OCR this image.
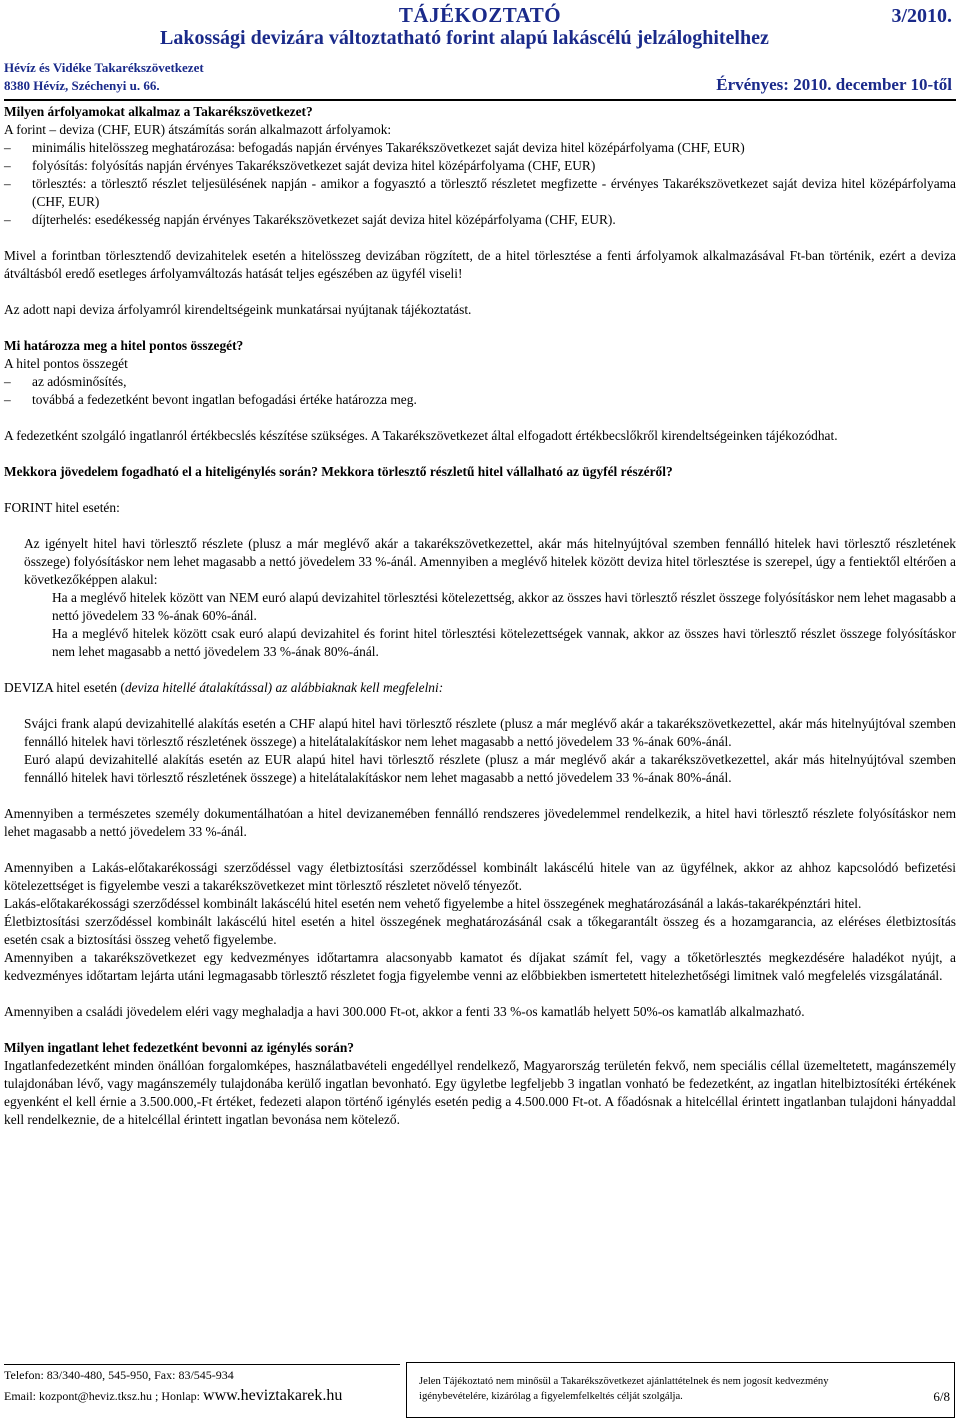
TÁJÉKOZTATÓ	3/2010.
Lakossági devizára változtatható forint alapú lakáscélú jelzáloghitelhez
Hévíz és Vidéke Takarékszövetkezet
8380 Hévíz, Széchenyi u. 66.	Érvényes: 2010. december 10-től

Milyen árfolyamokat alkalmaz a Takarékszövetkezet?

A forint – deviza (CHF, EUR) átszámítás során alkalmazott árfolyamok:

–	minimális hitelösszeg meghatározása: befogadás napján érvényes Takarékszövetkezet saját deviza hitel középárfolyama (CHF, EUR)
–	folyósítás: folyósítás napján érvényes Takarékszövetkezet saját deviza hitel középárfolyama (CHF, EUR)
–	törlesztés: a törlesztő részlet teljesülésének napján - amikor a fogyasztó a törlesztő részletet megfizette - érvényes Takarékszövetkezet saját deviza hitel középárfolyama (CHF, EUR)
–	díjterhelés: esedékesség napján érvényes Takarékszövetkezet saját deviza hitel középárfolyama (CHF, EUR).

Mivel a forintban törlesztendő devizahitelek esetén a hitelösszeg devizában rögzített, de a hitel törlesztése a fenti árfolyamok alkalmazásával Ft-ban történik, ezért a deviza átváltásból eredő esetleges árfolyamváltozás hatását teljes egészében az ügyfél viseli!

Az adott napi deviza árfolyamról kirendeltségeink munkatársai nyújtanak tájékoztatást.

Mi határozza meg a hitel pontos összegét?

A hitel pontos összegét

–	az adósminősítés,
–	továbbá a fedezetként bevont ingatlan befogadási értéke határozza meg.

A fedezetként szolgáló ingatlanról értékbecslés készítése szükséges. A Takarékszövetkezet által elfogadott értékbecslőkről kirendeltségeinken tájékozódhat.

Mekkora jövedelem fogadható el a hiteligénylés során? Mekkora törlesztő részletű hitel vállalható az ügyfél részéről?

FORINT hitel esetén:

Az igényelt hitel havi törlesztő részlete (plusz a már meglévő akár a takarékszövetkezettel, akár más hitelnyújtóval szemben fennálló hitelek havi törlesztő részletének összege) folyósításkor nem lehet magasabb a nettó jövedelem 33 %-ánál. Amennyiben a meglévő hitelek között deviza hitel törlesztése is szerepel, úgy a fentiektől eltérően a következőképpen alakul:

Ha a meglévő hitelek között van NEM euró alapú devizahitel törlesztési kötelezettség, akkor az összes havi törlesztő részlet összege folyósításkor nem lehet magasabb a nettó jövedelem 33 %-ának 60%-ánál.

Ha a meglévő hitelek között csak euró alapú devizahitel és forint hitel törlesztési kötelezettségek vannak, akkor az összes havi törlesztő részlet összege folyósításkor nem lehet magasabb a nettó jövedelem 33 %-ának 80%-ánál.

DEVIZA hitel esetén (deviza hitellé átalakítással) az alábbiaknak kell megfelelni:

Svájci frank alapú devizahitellé alakítás esetén a CHF alapú hitel havi törlesztő részlete (plusz a már meglévő akár a takarékszövetkezettel, akár más hitelnyújtóval szemben fennálló hitelek havi törlesztő részletének összege) a hitelátalakításkor nem lehet magasabb a nettó jövedelem 33 %-ának 60%-ánál.

Euró alapú devizahitellé alakítás esetén az EUR alapú hitel havi törlesztő részlete (plusz a már meglévő akár a takarékszövetkezettel, akár más hitelnyújtóval szemben fennálló hitelek havi törlesztő részletének összege) a hitelátalakításkor nem lehet magasabb a nettó jövedelem 33 %-ának 80%-ánál.

Amennyiben a természetes személy dokumentálhatóan a hitel devizanemében fennálló rendszeres jövedelemmel rendelkezik, a hitel havi törlesztő részlete folyósításkor nem lehet magasabb a nettó jövedelem 33 %-ánál.

Amennyiben a Lakás-előtakarékossági szerződéssel vagy életbiztosítási szerződéssel kombinált lakáscélú hitele van az ügyfélnek, akkor az ahhoz kapcsolódó befizetési kötelezettséget is figyelembe veszi a takarékszövetkezet mint törlesztő részletet növelő tényezőt.

Lakás-előtakarékossági szerződéssel kombinált lakáscélú hitel esetén nem vehető figyelembe a hitel összegének meghatározásánál a lakás-takarékpénztári hitel.

Életbiztosítási szerződéssel kombinált lakáscélú hitel esetén a hitel összegének meghatározásánál csak a tőkegarantált összeg és a hozamgarancia, az eléréses életbiztosítás esetén csak a biztosítási összeg vehető figyelembe.

Amennyiben a takarékszövetkezet egy kedvezményes időtartamra alacsonyabb kamatot és díjakat számít fel, vagy a tőketörlesztés megkezdésére haladékot nyújt, a kedvezményes időtartam lejárta utáni legmagasabb törlesztő részletet fogja figyelembe venni az előbbiekben ismertetett hitelezhetőségi limitnek való megfelelés vizsgálatánál.

Amennyiben a családi jövedelem eléri vagy meghaladja a havi 300.000 Ft-ot, akkor a fenti 33 %-os kamatláb helyett 50%-os kamatláb alkalmazható.

Milyen ingatlant lehet fedezetként bevonni az igénylés során?

Ingatlanfedezetként minden önállóan forgalomképes, használatbavételi engedéllyel rendelkező, Magyarország területén fekvő, nem speciális céllal üzemeltetett, magánszemély tulajdonában lévő, vagy magánszemély tulajdonába kerülő ingatlan bevonható. Egy ügyletbe legfeljebb 3 ingatlan vonható be fedezetként, az ingatlan hitelbiztosítéki értékének egyenként el kell érnie a 3.500.000,-Ft értéket, fedezeti alapon történő igénylés esetén pedig a 4.500.000 Ft-ot. A főadósnak a hitelcéllal érintett ingatlanban tulajdoni hányaddal kell rendelkeznie, de a hitelcéllal érintett ingatlan bevonása nem kötelező.

Telefon: 83/340-480, 545-950, Fax: 83/545-934
Email: kozpont@heviz.tksz.hu ; Honlap: www.heviztakarek.hu
Jelen Tájékoztató nem minősül a Takarékszövetkezet ajánlattételnek és nem jogosít kedvezmény igénybevételére, kizárólag a figyelemfelkeltés célját szolgálja.	6/8
